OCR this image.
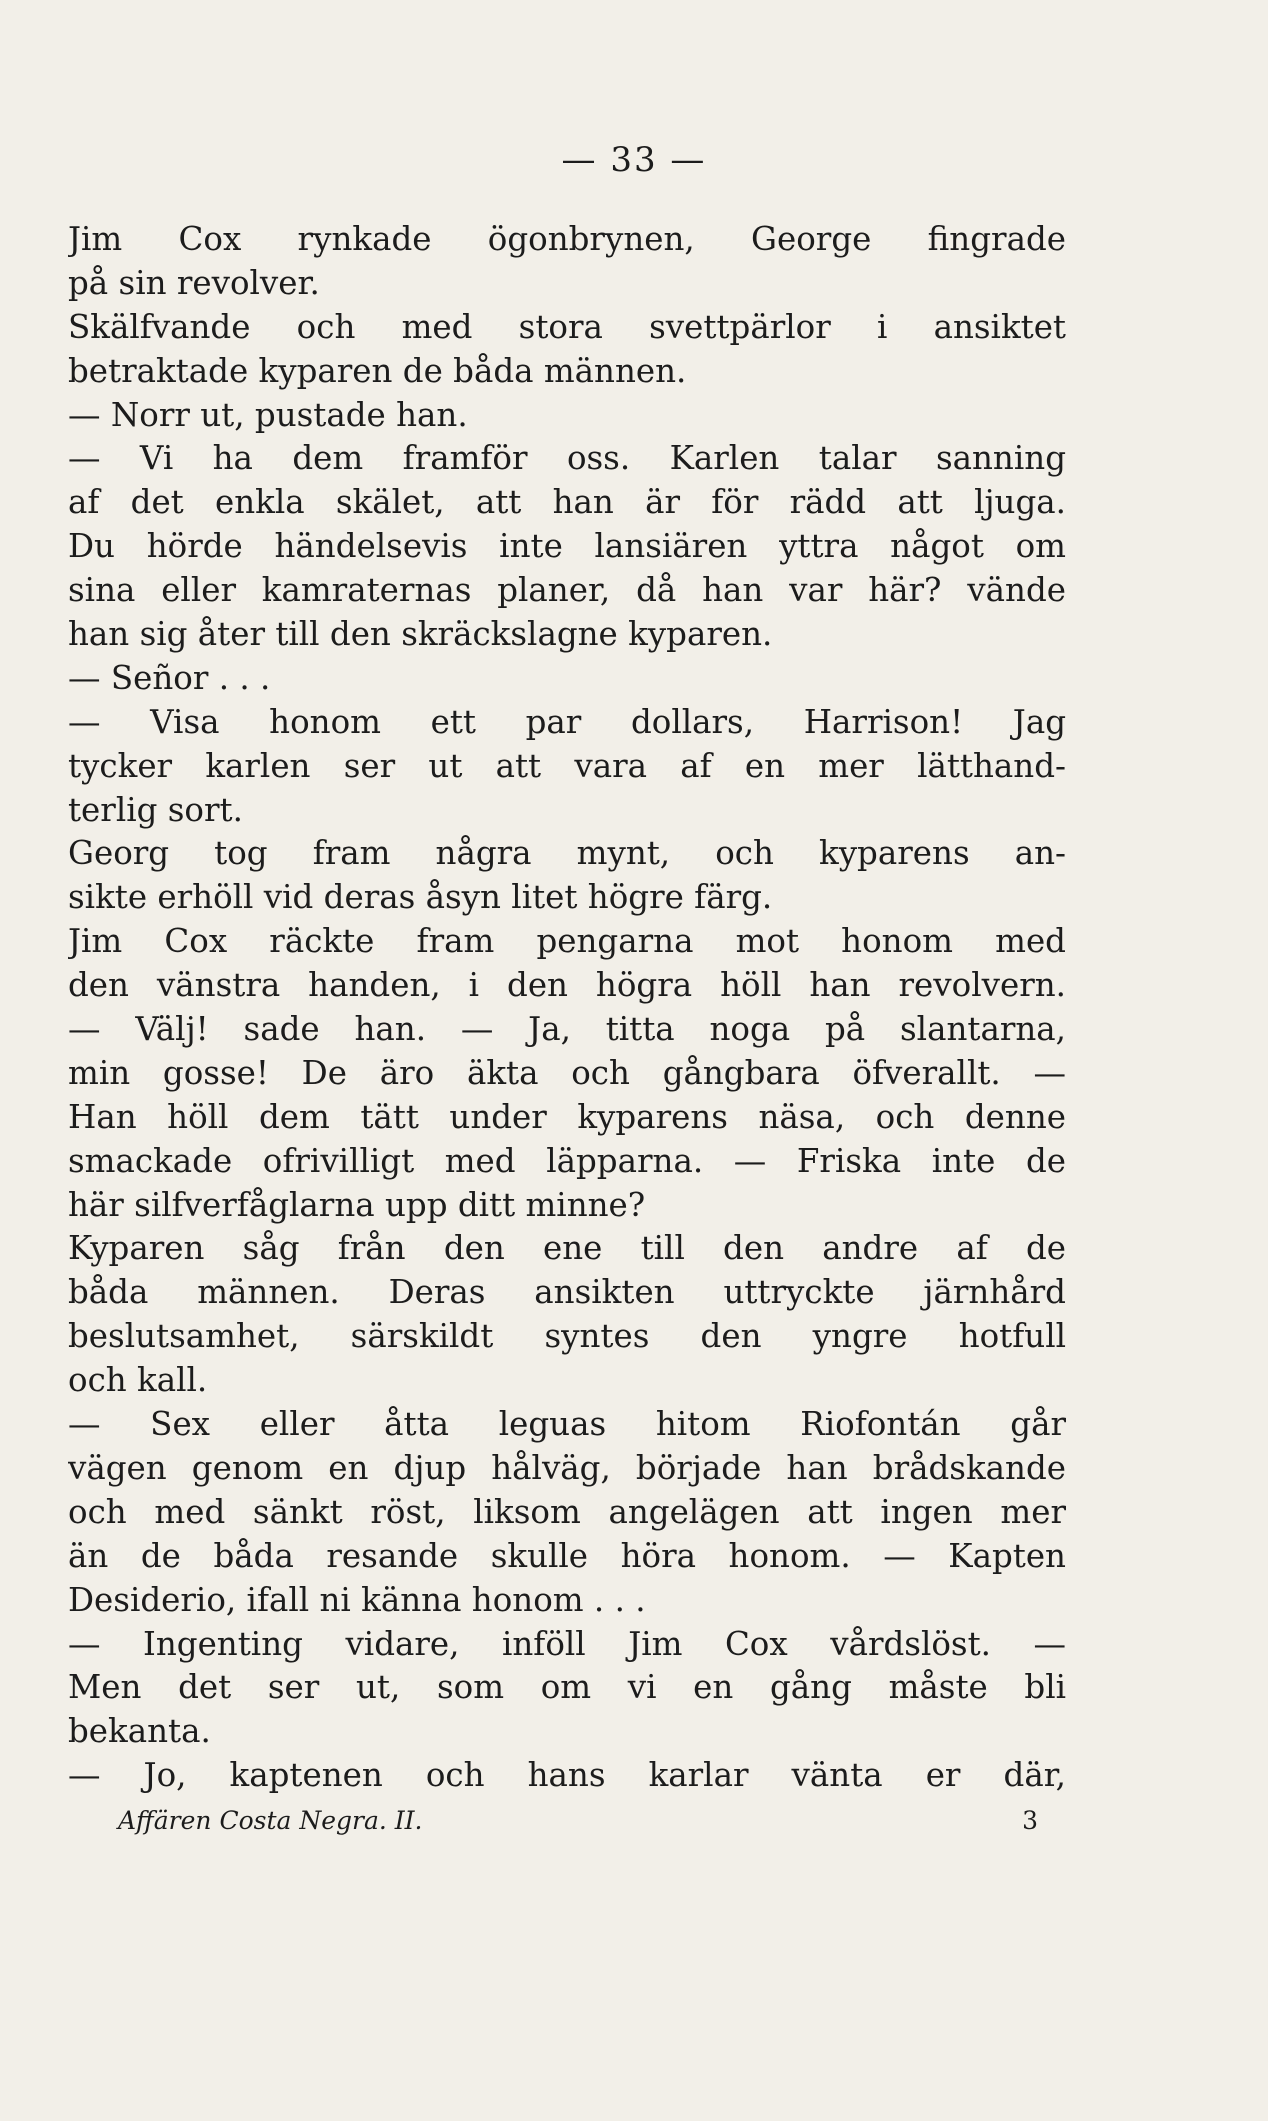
— 33 —
Jim Cox rynkade ögonbrynen, George fingrade
på sin revolver.
Skälfvande och med stora svettpärlor i ansiktet
betraktade kyparen de båda männen.
— Norr ut, pustade han.
— Vi ha dem framför oss. Karlen talar sanning
af det enkla skälet, att han är för rädd att ljuga.
Du hörde händelsevis inte lansiären yttra något om
sina eller kamraternas planer, då han var här? vände
han sig åter till den skräckslagne kyparen.
— Señor . . .
— Visa honom ett par dollars, Harrison! Jag
tycker karlen ser ut att vara af en mer lätthand-
terlig sort.
Georg tog fram några mynt, och kyparens an-
sikte erhöll vid deras åsyn litet högre färg.
Jim Cox räckte fram pengarna mot honom med
den vänstra handen, i den högra höll han revolvern.
— Välj! sade han. — Ja, titta noga på slantarna,
min gosse! De äro äkta och gångbara öfverallt. —
Han höll dem tätt under kyparens näsa, och denne
smackade ofrivilligt med läpparna. — Friska inte de
här silfverfåglarna upp ditt minne?
Kyparen såg från den ene till den andre af de
båda männen. Deras ansikten uttryckte järnhård
beslutsamhet, särskildt syntes den yngre hotfull
och kall.
— Sex eller åtta leguas hitom Riofontán går
vägen genom en djup hålväg, började han brådskande
och med sänkt röst, liksom angelägen att ingen mer
än de båda resande skulle höra honom. — Kapten
Desiderio, ifall ni känna honom . . .
— Ingenting vidare, inföll Jim Cox vårdslöst. —
Men det ser ut, som om vi en gång måste bli
bekanta.
— Jo, kaptenen och hans karlar vänta er där,
Affären Costa Negra. II.	3
